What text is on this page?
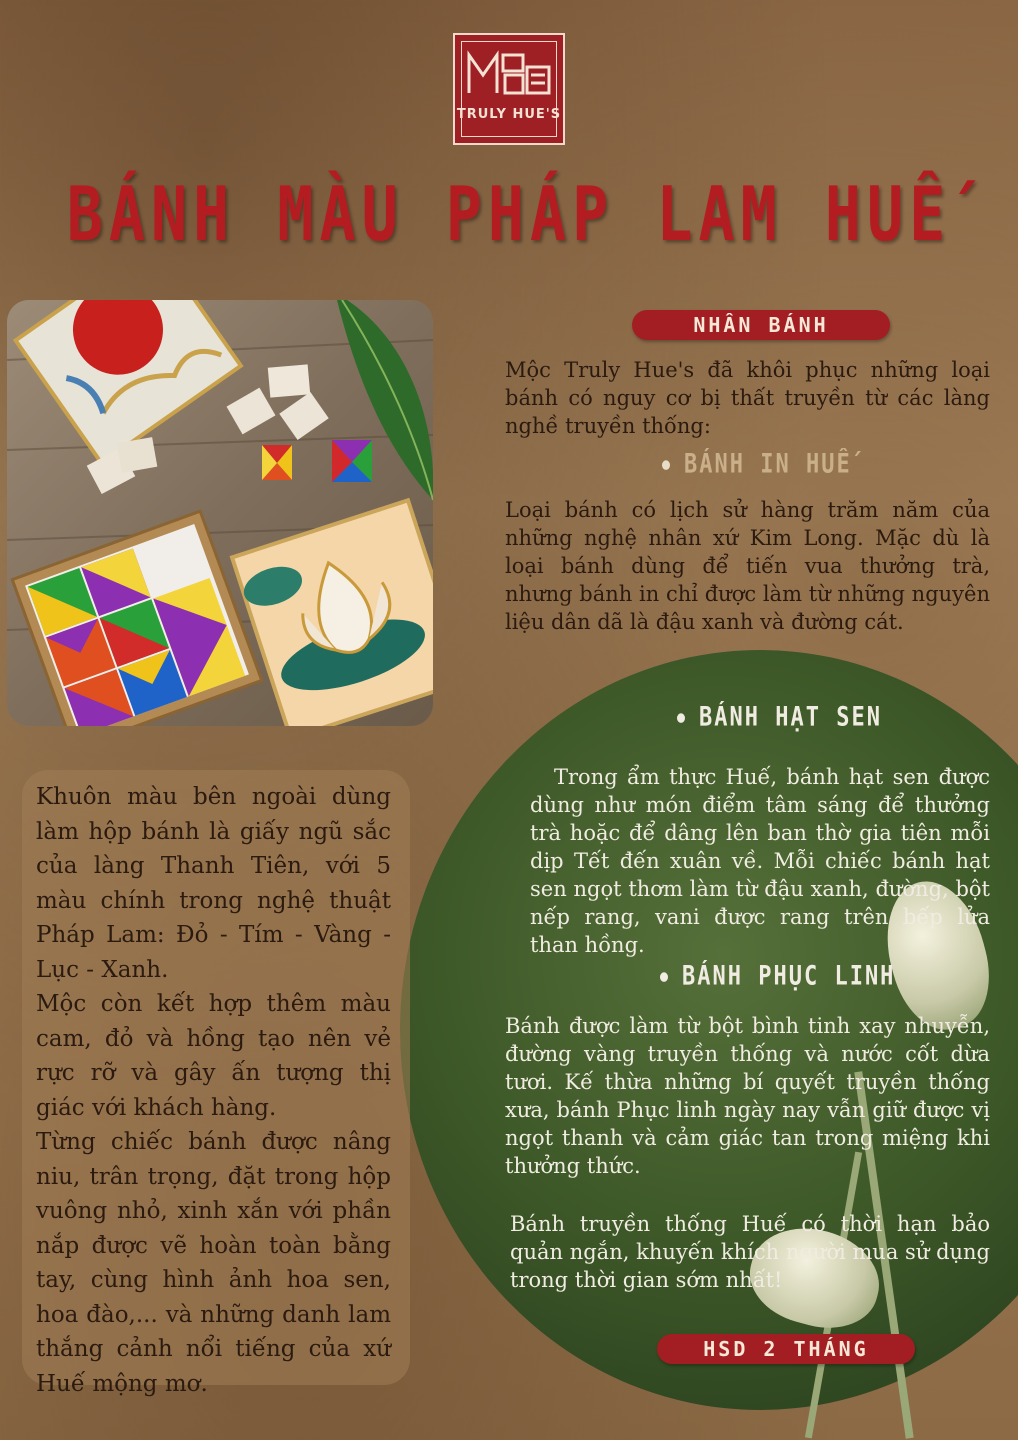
TRULY HUE'S
BÁNH MÀU PHÁP LAM HUẾ
NHÂN BÁNH
Mộc Truly Hue's đã khôi phục những loại bánh có nguy cơ bị thất truyền từ các làng nghề truyền thống:
BÁNH IN HUẾ
Loại bánh có lịch sử hàng trăm năm của những nghệ nhân xứ Kim Long. Mặc dù là loại bánh dùng để tiến vua thưởng trà, nhưng bánh in chỉ được làm từ những nguyên liệu dân dã là đậu xanh và đường cát.
BÁNH HẠT SEN
Trong ẩm thực Huế, bánh hạt sen được dùng như món điểm tâm sáng để thưởng trà hoặc để dâng lên ban thờ gia tiên mỗi dịp Tết đến xuân về. Mỗi chiếc bánh hạt sen ngọt thơm làm từ đậu xanh, đường, bột nếp rang, vani được rang trên bếp lửa than hồng.
BÁNH PHỤC LINH
Bánh được làm từ bột bình tinh xay nhuyễn, đường vàng truyền thống và nước cốt dừa tươi. Kế thừa những bí quyết truyền thống xưa, bánh Phục linh ngày nay vẫn giữ được vị ngọt thanh và cảm giác tan trong miệng khi thưởng thức.
Bánh truyền thống Huế có thời hạn bảo quản ngắn, khuyến khích người mua sử dụng trong thời gian sớm nhất!
HSD 2 THÁNG

Khuôn màu bên ngoài dùng làm hộp bánh là giấy ngũ sắc của làng Thanh Tiên, với 5 màu chính trong nghệ thuật Pháp Lam: Đỏ - Tím - Vàng - Lục - Xanh.

Mộc còn kết hợp thêm màu cam, đỏ và hồng tạo nên vẻ rực rỡ và gây ấn tượng thị giác với khách hàng.

Từng chiếc bánh được nâng niu, trân trọng, đặt trong hộp vuông nhỏ, xinh xắn với phần nắp được vẽ hoàn toàn bằng tay, cùng hình ảnh hoa sen, hoa đào,... và những danh lam thắng cảnh nổi tiếng của xứ Huế mộng mơ.
